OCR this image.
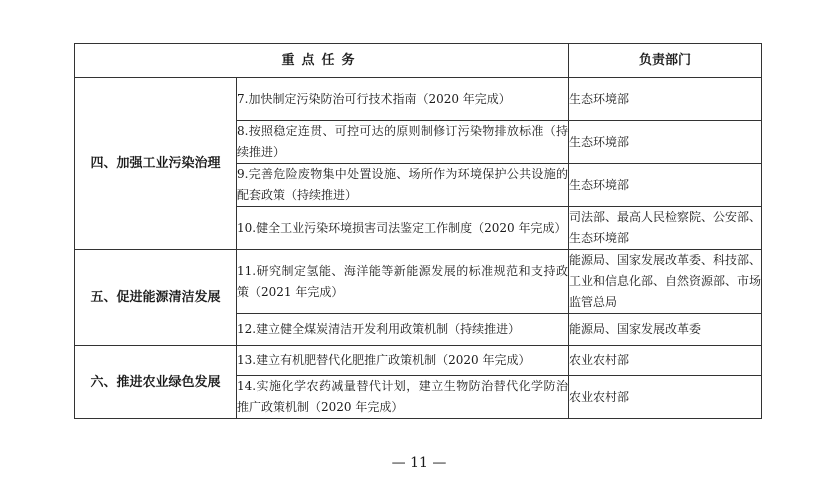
重点任务		负责部门
四、加强工业污染治理	7.加快制定污染防治可行技术指南（2020 年完成）	生态环境部
	8.按照稳定连贯、可控可达的原则制修订污染物排放标准（持续推进）	生态环境部
	9.完善危险废物集中处置设施、场所作为环境保护公共设施的配套政策（持续推进）	生态环境部
	10.健全工业污染环境损害司法鉴定工作制度（2020 年完成）	司法部、最高人民检察院、公安部、生态环境部
五、促进能源清洁发展	11.研究制定氢能、海洋能等新能源发展的标准规范和支持政策（2021 年完成）	能源局、国家发展改革委、科技部、工业和信息化部、自然资源部、市场监管总局
	12.建立健全煤炭清洁开发利用政策机制（持续推进）	能源局、国家发展改革委
六、推进农业绿色发展	13.建立有机肥替代化肥推广政策机制（2020 年完成）	农业农村部
	14.实施化学农药减量替代计划，建立生物防治替代化学防治推广政策机制（2020 年完成）	农业农村部
— 11 —
